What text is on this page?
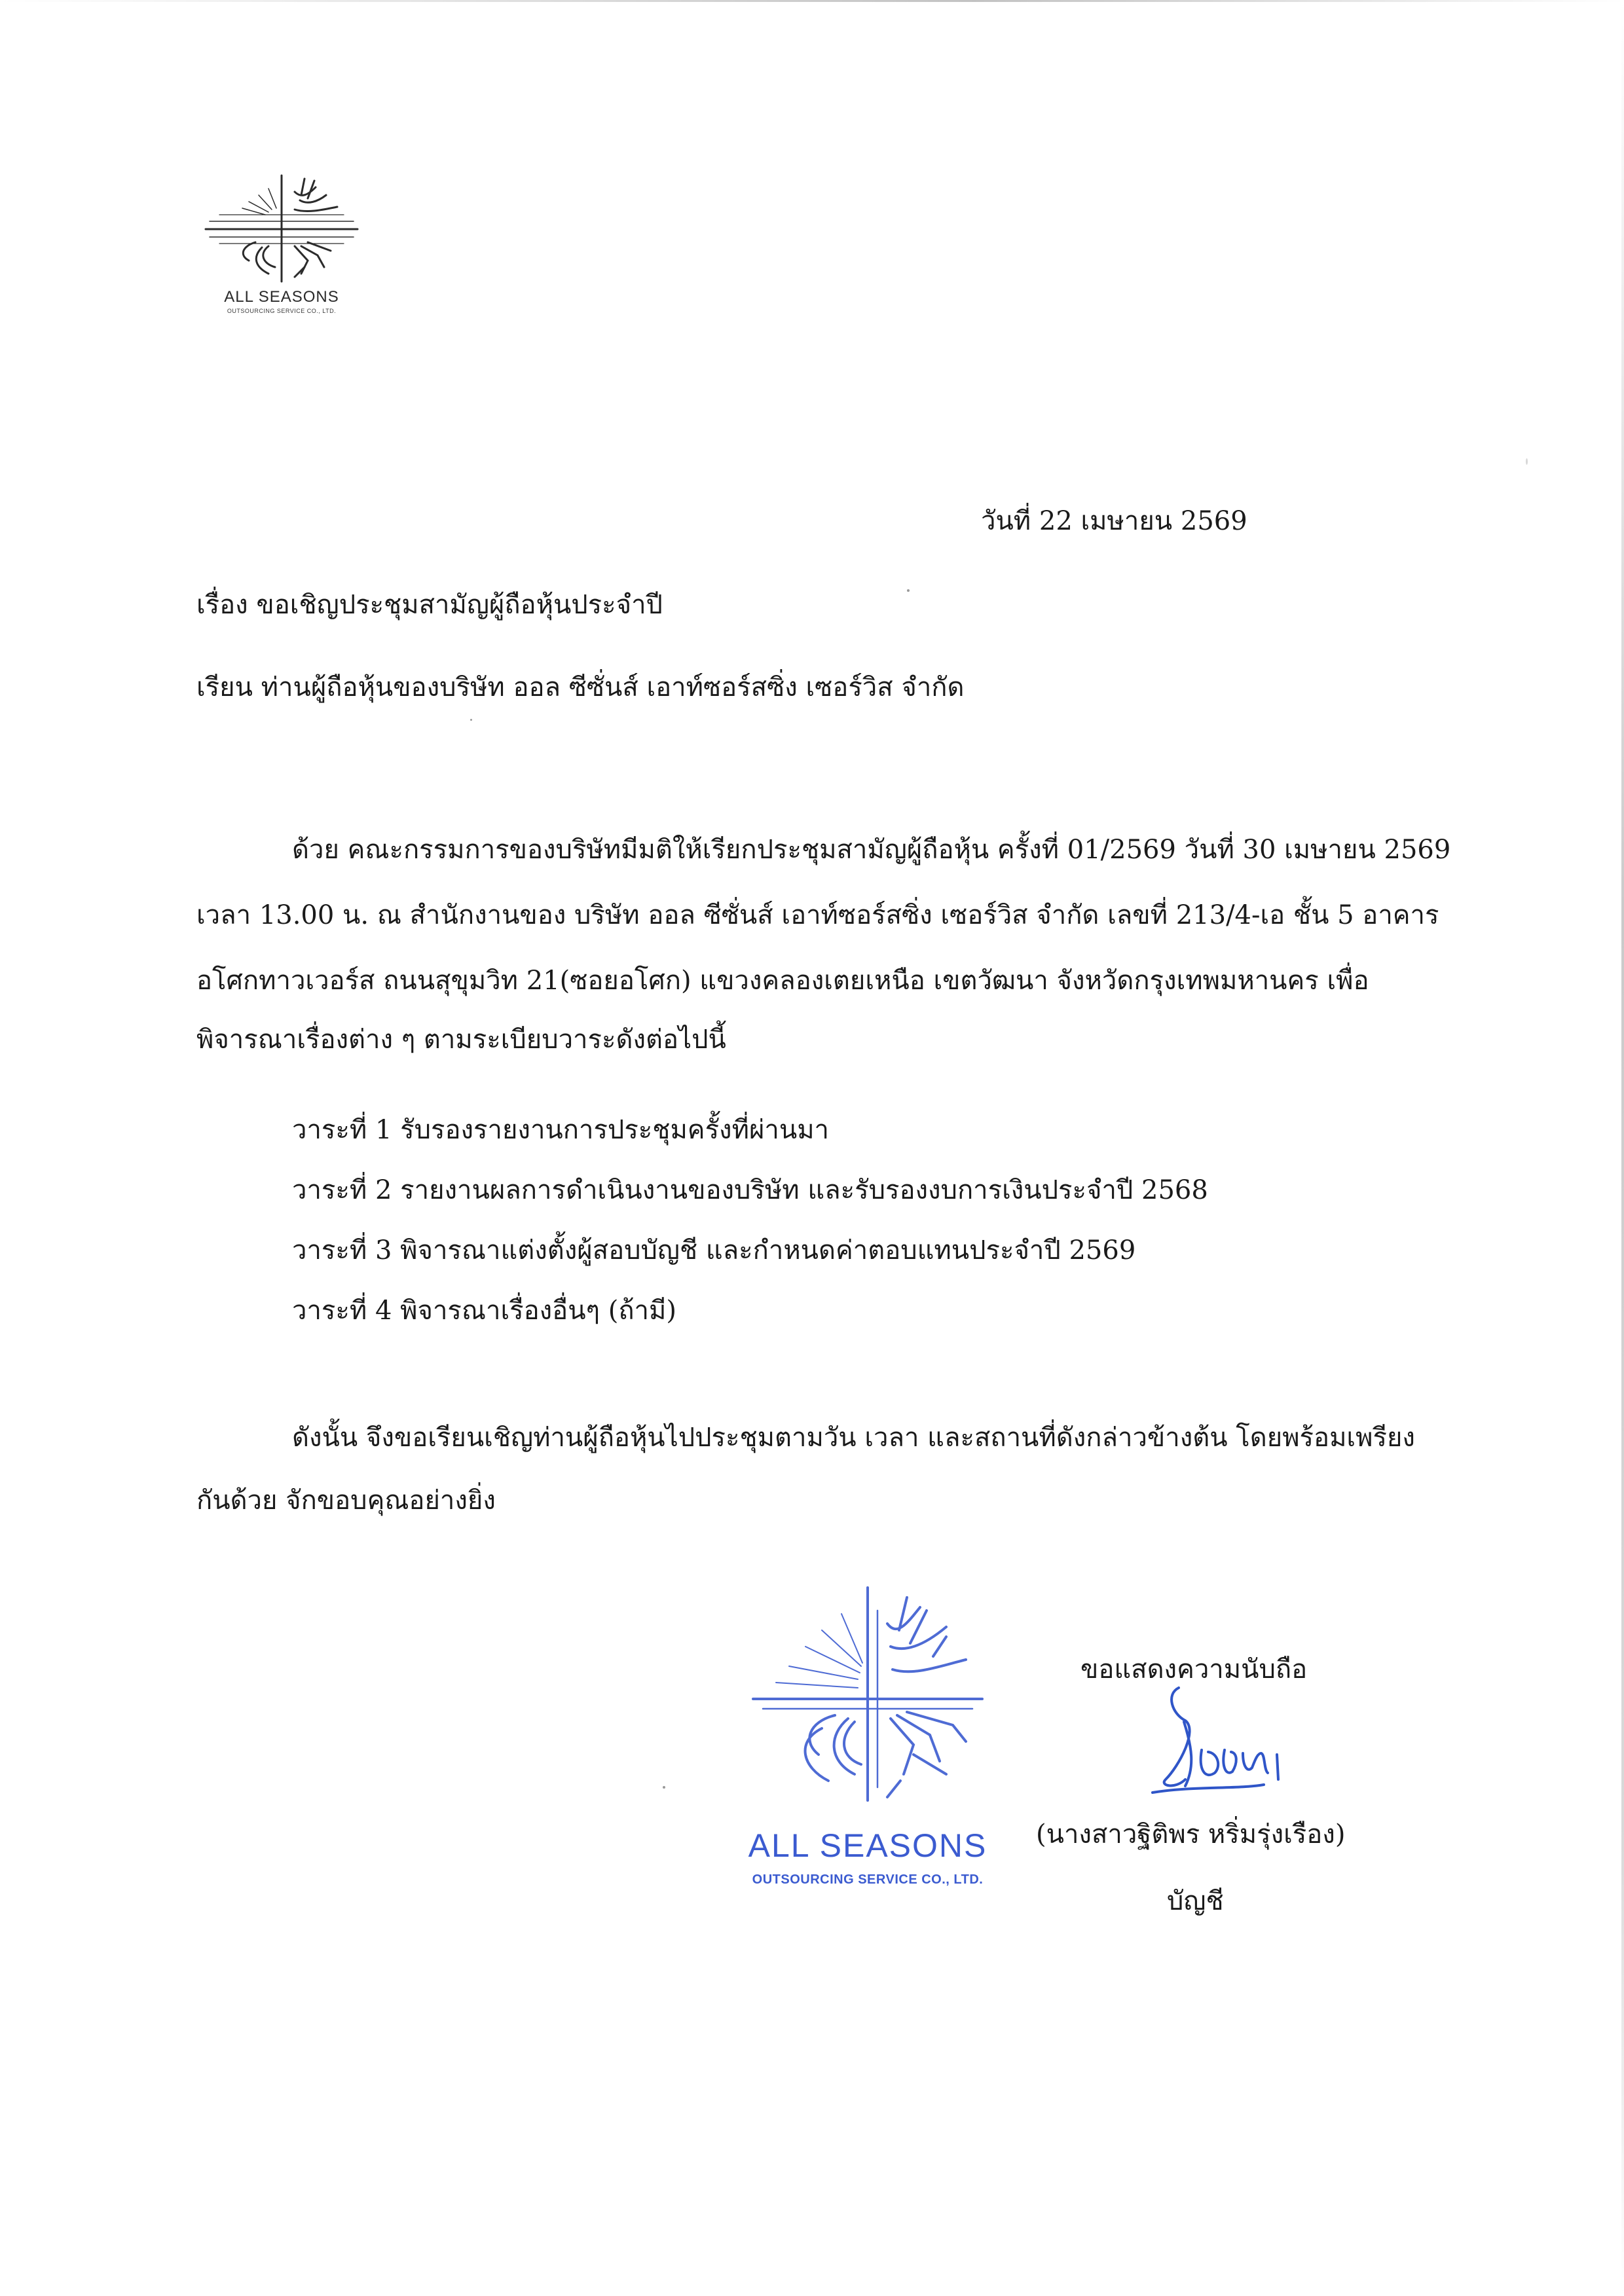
ALL SEASONS
OUTSOURCING SERVICE CO., LTD.
วันที่ 22 เมษายน 2569
เรื่อง ขอเชิญประชุมสามัญผู้ถือหุ้นประจำปี
เรียน ท่านผู้ถือหุ้นของบริษัท ออล ซีซั่นส์ เอาท์ซอร์สซิ่ง เซอร์วิส จำกัด
ด้วย คณะกรรมการของบริษัทมีมติให้เรียกประชุมสามัญผู้ถือหุ้น ครั้งที่ 01/2569 วันที่ 30 เมษายน 2569
เวลา 13.00 น. ณ สำนักงานของ บริษัท ออล ซีซั่นส์ เอาท์ซอร์สซิ่ง เซอร์วิส จำกัด เลขที่ 213/4-เอ ชั้น 5 อาคาร
อโศกทาวเวอร์ส ถนนสุขุมวิท 21(ซอยอโศก) แขวงคลองเตยเหนือ เขตวัฒนา จังหวัดกรุงเทพมหานคร เพื่อ
พิจารณาเรื่องต่าง ๆ ตามระเบียบวาระดังต่อไปนี้
วาระที่ 1 รับรองรายงานการประชุมครั้งที่ผ่านมา
วาระที่ 2 รายงานผลการดำเนินงานของบริษัท และรับรองงบการเงินประจำปี 2568
วาระที่ 3 พิจารณาแต่งตั้งผู้สอบบัญชี และกำหนดค่าตอบแทนประจำปี 2569
วาระที่ 4 พิจารณาเรื่องอื่นๆ (ถ้ามี)
ดังนั้น จึงขอเรียนเชิญท่านผู้ถือหุ้นไปประชุมตามวัน เวลา และสถานที่ดังกล่าวข้างต้น โดยพร้อมเพรียง
กันด้วย จักขอบคุณอย่างยิ่ง
ALL SEASONS
OUTSOURCING SERVICE CO., LTD.
ขอแสดงความนับถือ
(นางสาวฐิติพร หริ่มรุ่งเรือง)
บัญชี
